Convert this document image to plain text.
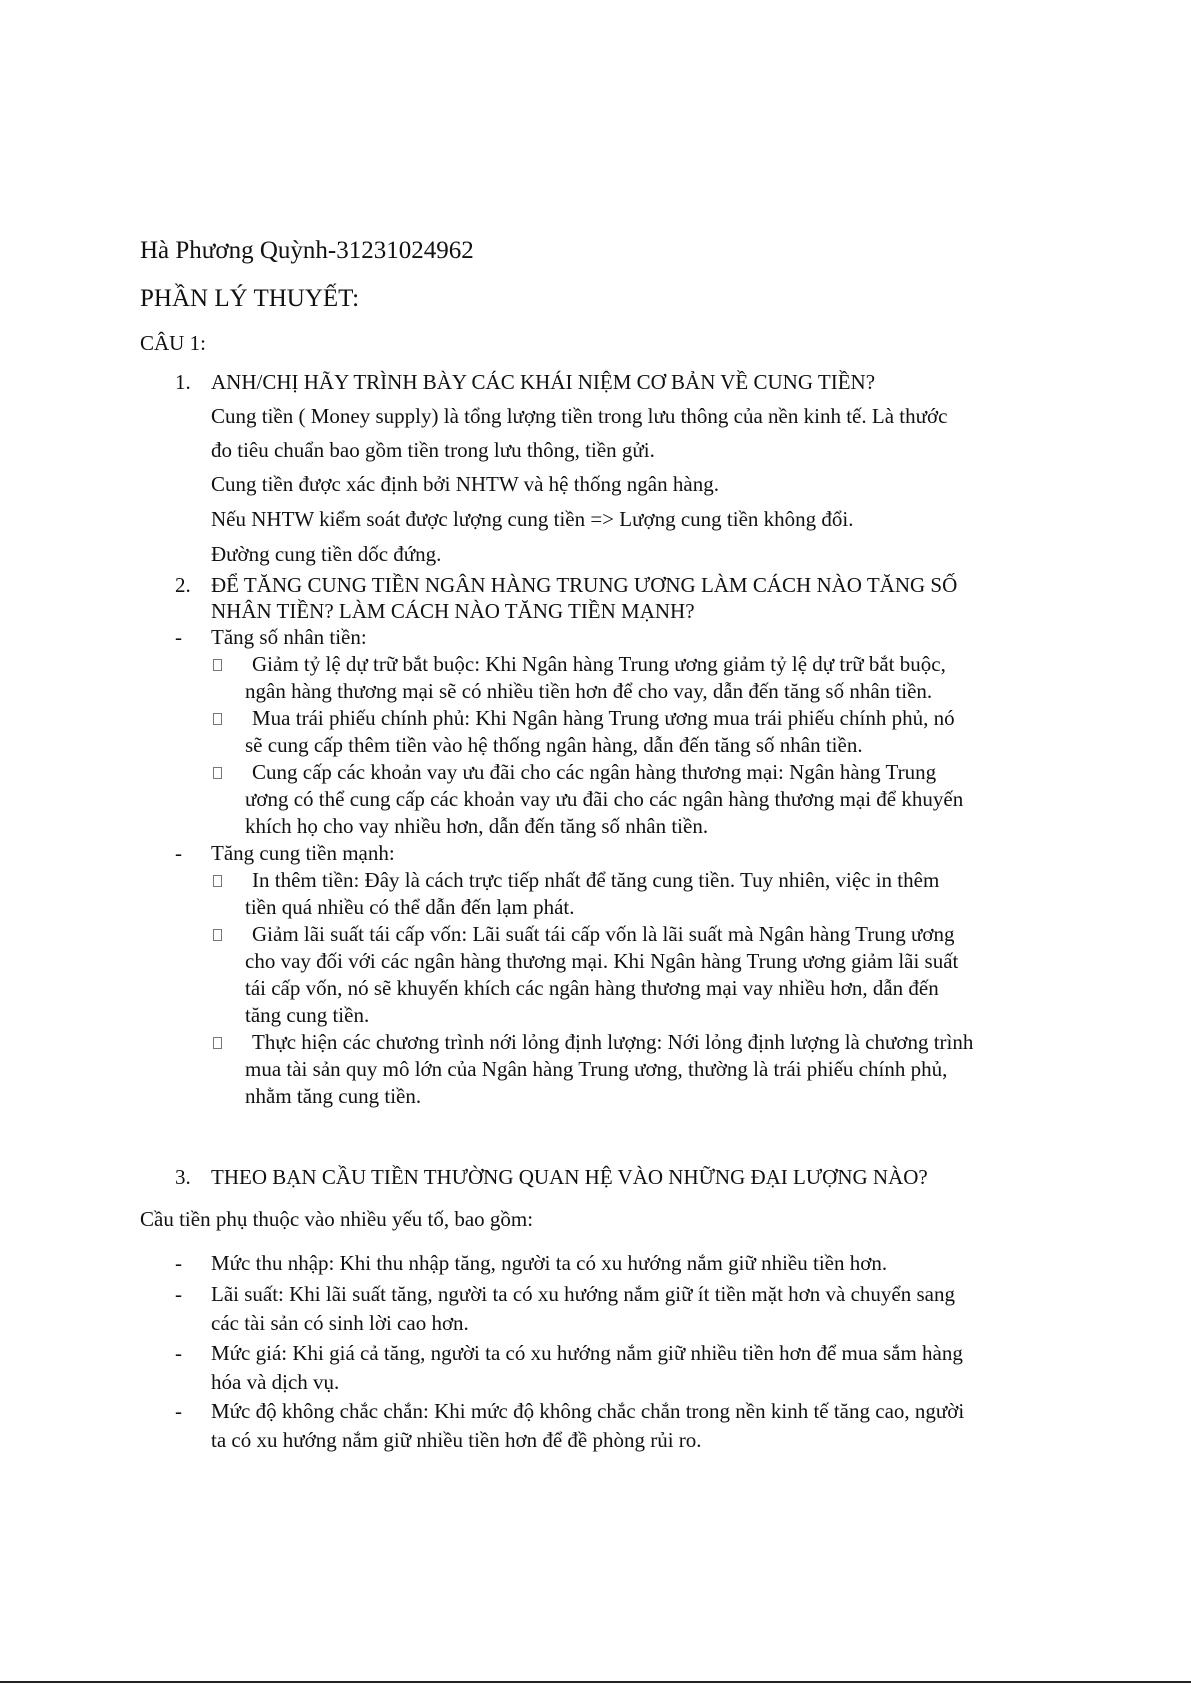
Hà Phương Quỳnh-31231024962
PHẦN LÝ THUYẾT:
CÂU 1:
1. ANH/CHỊ HÃY TRÌNH BÀY CÁC KHÁI NIỆM CƠ BẢN VỀ CUNG TIỀN?
Cung tiền ( Money supply) là tổng lượng tiền trong lưu thông của nền kinh tế. Là thước
đo tiêu chuẩn bao gồm tiền trong lưu thông, tiền gửi.
Cung tiền được xác định bởi NHTW và hệ thống ngân hàng.
Nếu NHTW kiểm soát được lượng cung tiền => Lượng cung tiền không đổi.
Đường cung tiền dốc đứng.
2. ĐỂ TĂNG CUNG TIỀN NGÂN HÀNG TRUNG ƯƠNG LÀM CÁCH NÀO TĂNG SỐ
NHÂN TIỀN? LÀM CÁCH NÀO TĂNG TIỀN MẠNH?
- Tăng số nhân tiền:
Giảm tỷ lệ dự trữ bắt buộc: Khi Ngân hàng Trung ương giảm tỷ lệ dự trữ bắt buộc,
ngân hàng thương mại sẽ có nhiều tiền hơn để cho vay, dẫn đến tăng số nhân tiền.
Mua trái phiếu chính phủ: Khi Ngân hàng Trung ương mua trái phiếu chính phủ, nó
sẽ cung cấp thêm tiền vào hệ thống ngân hàng, dẫn đến tăng số nhân tiền.
Cung cấp các khoản vay ưu đãi cho các ngân hàng thương mại: Ngân hàng Trung
ương có thể cung cấp các khoản vay ưu đãi cho các ngân hàng thương mại để khuyến
khích họ cho vay nhiều hơn, dẫn đến tăng số nhân tiền.
- Tăng cung tiền mạnh:
In thêm tiền: Đây là cách trực tiếp nhất để tăng cung tiền. Tuy nhiên, việc in thêm
tiền quá nhiều có thể dẫn đến lạm phát.
Giảm lãi suất tái cấp vốn: Lãi suất tái cấp vốn là lãi suất mà Ngân hàng Trung ương
cho vay đối với các ngân hàng thương mại. Khi Ngân hàng Trung ương giảm lãi suất
tái cấp vốn, nó sẽ khuyến khích các ngân hàng thương mại vay nhiều hơn, dẫn đến
tăng cung tiền.
Thực hiện các chương trình nới lỏng định lượng: Nới lỏng định lượng là chương trình
mua tài sản quy mô lớn của Ngân hàng Trung ương, thường là trái phiếu chính phủ,
nhằm tăng cung tiền.
3. THEO BẠN CẦU TIỀN THƯỜNG QUAN HỆ VÀO NHỮNG ĐẠI LƯỢNG NÀO?
Cầu tiền phụ thuộc vào nhiều yếu tố, bao gồm:
- Mức thu nhập: Khi thu nhập tăng, người ta có xu hướng nắm giữ nhiều tiền hơn.
- Lãi suất: Khi lãi suất tăng, người ta có xu hướng nắm giữ ít tiền mặt hơn và chuyển sang
các tài sản có sinh lời cao hơn.
- Mức giá: Khi giá cả tăng, người ta có xu hướng nắm giữ nhiều tiền hơn để mua sắm hàng
hóa và dịch vụ.
- Mức độ không chắc chắn: Khi mức độ không chắc chắn trong nền kinh tế tăng cao, người
ta có xu hướng nắm giữ nhiều tiền hơn để đề phòng rủi ro.
